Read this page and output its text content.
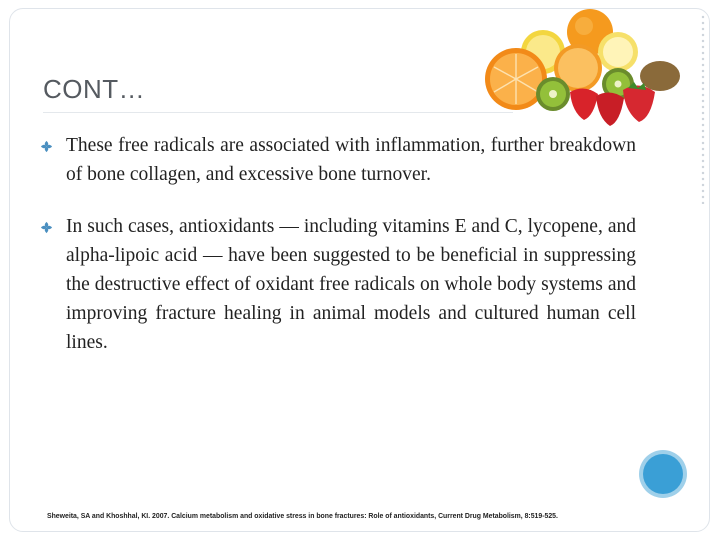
CONT…
These free radicals are associated with inflammation, further breakdown of bone collagen, and excessive bone turnover.
In such cases, antioxidants — including vitamins E and C, lycopene, and alpha‐lipoic acid — have been suggested to be beneficial in suppressing the destructive effect of oxidant free radicals on whole body systems and improving fracture healing in animal models and cultured human cell lines.
Sheweita, SA and Khoshhal, KI. 2007. Calcium metabolism and oxidative stress in bone fractures: Role of antioxidants, Current Drug Metabolism, 8:519-525.
